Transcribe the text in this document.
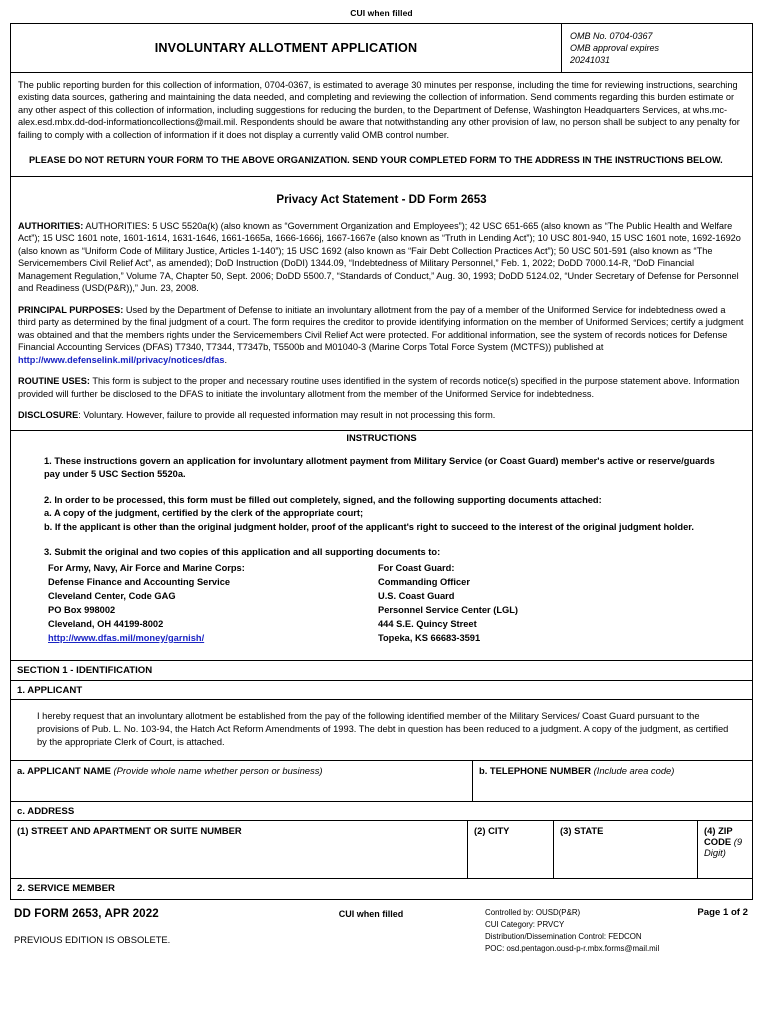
CUI when filled
INVOLUNTARY ALLOTMENT APPLICATION
OMB No. 0704-0367
OMB approval expires
20241031

The public reporting burden for this collection of information, 0704-0367, is estimated to average 30 minutes per response, including the time for reviewing instructions, searching existing data sources, gathering and maintaining the data needed, and completing and reviewing the collection of information. Send comments regarding this burden estimate or any other aspect of this collection of information, including suggestions for reducing the burden, to the Department of Defense, Washington Headquarters Services, at whs.mc-alex.esd.mbx.dd-dod-informationcollections@mail.mil. Respondents should be aware that notwithstanding any other provision of law, no person shall be subject to any penalty for failing to comply with a collection of information if it does not display a currently valid OMB control number.

PLEASE DO NOT RETURN YOUR FORM TO THE ABOVE ORGANIZATION. SEND YOUR COMPLETED FORM TO THE ADDRESS IN THE INSTRUCTIONS BELOW.

Privacy Act Statement - DD Form 2653

AUTHORITIES: AUTHORITIES: 5 USC 5520a(k) (also known as “Government Organization and Employees”); 42 USC 651-665 (also known as “The Public Health and Welfare Act”); 15 USC 1601 note, 1601-1614, 1631-1646, 1661-1665a, 1666-1666j, 1667-1667e (also known as “Truth in Lending Act”); 10 USC 801-940, 15 USC 1601 note, 1692-1692o (also known as “Uniform Code of Military Justice, Articles 1-140”); 15 USC 1692 (also known as “Fair Debt Collection Practices Act”); 50 USC 501-591 (also known as “The Servicemembers Civil Relief Act”, as amended); DoD Instruction (DoDI) 1344.09, “Indebtedness of Military Personnel,” Feb. 1, 2022; DoDD 7000.14-R, “DoD Financial Management Regulation,” Volume 7A, Chapter 50, Sept. 2006; DoDD 5500.7, “Standards of Conduct,” Aug. 30, 1993; DoDD 5124.02, “Under Secretary of Defense for Personnel and Readiness (USD(P&R)),” Jun. 23, 2008.

PRINCIPAL PURPOSES: Used by the Department of Defense to initiate an involuntary allotment from the pay of a member of the Uniformed Service for indebtedness owed a third party as determined by the final judgment of a court. The form requires the creditor to provide identifying information on the member of Uniformed Services; certify a judgment was obtained and that the members rights under the Servicemembers Civil Relief Act were protected. For additional information, see the system of records notices for Defense Financial Accounting Services (DFAS) T7340, T7344, T7347b, T5500b and M01040-3 (Marine Corps Total Force System (MCTFS)) published at http://www.defenselink.mil/privacy/notices/dfas.

ROUTINE USES: This form is subject to the proper and necessary routine uses identified in the system of records notice(s) specified in the purpose statement above. Information provided will further be disclosed to the DFAS to initiate the involuntary allotment from the member of the Uniformed Service for indebtedness.

DISCLOSURE: Voluntary. However, failure to provide all requested information may result in not processing this form.

INSTRUCTIONS

1. These instructions govern an application for involuntary allotment payment from Military Service (or Coast Guard) member's active or reserve/guards pay under 5 USC Section 5520a.

2. In order to be processed, this form must be filled out completely, signed, and the following supporting documents attached:

a. A copy of the judgment, certified by the clerk of the appropriate court;

b. If the applicant is other than the original judgment holder, proof of the applicant's right to succeed to the interest of the original judgment holder.

3. Submit the original and two copies of this application and all supporting documents to:

For Army, Navy, Air Force and Marine Corps:
Defense Finance and Accounting Service
Cleveland Center, Code GAG
PO Box 998002
Cleveland, OH 44199-8002
http://www.dfas.mil/money/garnish/
For Coast Guard:
Commanding Officer
U.S. Coast Guard
Personnel Service Center (LGL)
444 S.E. Quincy Street
Topeka, KS 66683-3591
SECTION 1 - IDENTIFICATION
1. APPLICANT
I hereby request that an involuntary allotment be established from the pay of the following identified member of the Military Services/ Coast Guard pursuant to the provisions of Pub. L. No. 103-94, the Hatch Act Reform Amendments of 1993. The debt in question has been reduced to a judgment. A copy of the judgment, as certified by the appropriate Clerk of Court, is attached.
a. APPLICANT NAME (Provide whole name whether person or business)	b. TELEPHONE NUMBER (Include area code)
c. ADDRESS
(1) STREET AND APARTMENT OR SUITE NUMBER	(2) CITY	(3) STATE	(4) ZIP CODE (9 Digit)
2. SERVICE MEMBER
DD FORM 2653, APR 2022
PREVIOUS EDITION IS OBSOLETE.
CUI when filled	Controlled by: OUSD(P&R)
CUI Category: PRVCY
Distribution/Dissemination Control: FEDCON
POC: osd.pentagon.ousd-p-r.mbx.forms@mail.mil
Page 1 of 2
